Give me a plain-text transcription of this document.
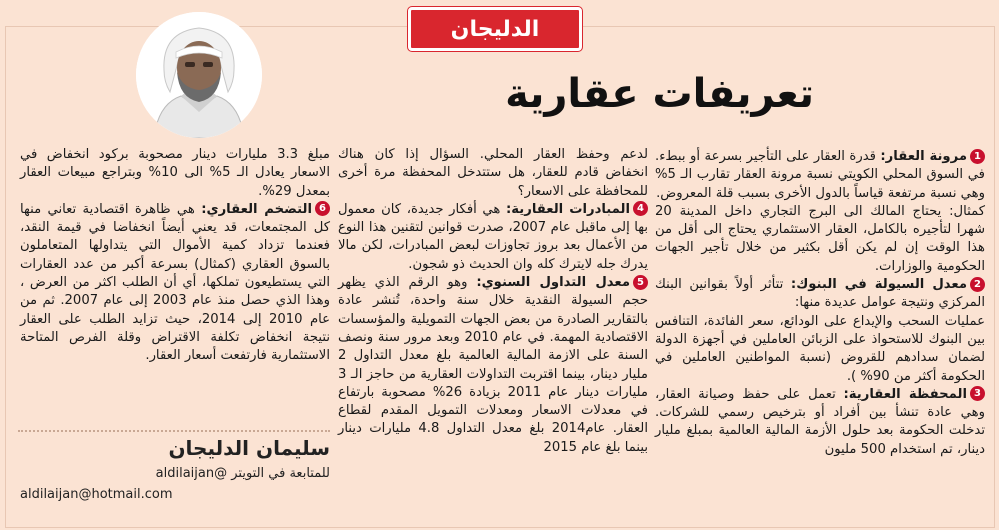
الدليجان
تعريفات عقارية

1مرونة العقار: قدرة العقار على التأجير بسرعة أو ببطء. في السوق المحلي الكويتي نسبة مرونة العقار تقارب الـ 5% وهي نسبة مرتفعة قياساً بالدول الأخرى بسبب قلة المعروض.

كمثال: يحتاج المالك الى البرج التجاري داخل المدينة 20 شهرا لتأجيره بالكامل، العقار الاستثماري يحتاج الى أقل من هذا الوقت إن لم يكن أقل بكثير من خلال تأجير الجهات الحكومية والوزارات.

2معدل السيولة في البنوك: تتأثر أولاً بقوانين البنك المركزي ونتيجة عوامل عديدة منها:

عمليات السحب والإيداع على الودائع، سعر الفائدة، التنافس بين البنوك للاستحواذ على الزبائن العاملين في أجهزة الدولة لضمان سدادهم للقروض (نسبة المواطنين العاملين في الحكومة أكثر من 90% ).

3المحفظة العقارية: تعمل على حفظ وصيانة العقار، وهي عادة تنشأ بين أفراد أو بترخيص رسمي للشركات. تدخلت الحكومة بعد حلول الأزمة المالية العالمية بمبلغ مليار دينار، تم استخدام 500 مليون

لدعم وحفظ العقار المحلي. السؤال إذا كان هناك انخفاض قادم للعقار، هل ستتدخل المحفظة مرة أخرى للمحافظة على الاسعار؟

4المبادرات العقارية: هي أفكار جديدة، كان معمول بها إلى ماقبل عام 2007، صدرت قوانين لتقنين هذا النوع من الأعمال بعد بروز تجاوزات لبعض المبادرات، لكن مالا يدرك جله لايترك كله وان الحديث ذو شجون.

5معدل التداول السنوي: وهو الرقم الذي يظهر حجم السيولة النقدية خلال سنة واحدة، تُنشر عادة بالتقارير الصادرة من بعض الجهات التمويلية والمؤسسات الاقتصادية المهمة. في عام 2010 وبعد مرور سنة ونصف السنة على الازمة المالية العالمية بلغ معدل التداول 2 مليار دينار، بينما اقتربت التداولات العقارية من حاجز الـ 3 مليارات دينار عام 2011 بزيادة 26% مصحوبة بارتفاع في معدلات الاسعار ومعدلات التمويل المقدم لقطاع العقار. عام2014 بلغ معدل التداول 4.8 مليارات دينار بينما بلغ عام 2015

مبلغ 3.3 مليارات دينار مصحوبة بركود انخفاض في الاسعار يعادل الـ 5% الى 10% وبتراجع مبيعات العقار بمعدل 29%.

6التضخم العقاري: هي ظاهرة اقتصادية تعاني منها كل المجتمعات، قد يعني أيضاً انخفاضا في قيمة النقد، فعندما تزداد كمية الأموال التي يتداولها المتعاملون بالسوق العقاري (كمثال) بسرعة أكبر من عدد العقارات التي يستطيعون تملكها، أي أن الطلب اكثر من العرض ، وهذا الذي حصل منذ عام 2003 إلى عام 2007. ثم من عام 2010 إلى 2014، حيث تزايد الطلب على العقار نتيجة انخفاض تكلفة الاقتراض وقلة الفرص المتاحة الاستثمارية فارتفعت أسعار العقار.

سليمان الدليجان
للمتابعة في التويتر @aldilaijan
aldilaijan@hotmail.com
